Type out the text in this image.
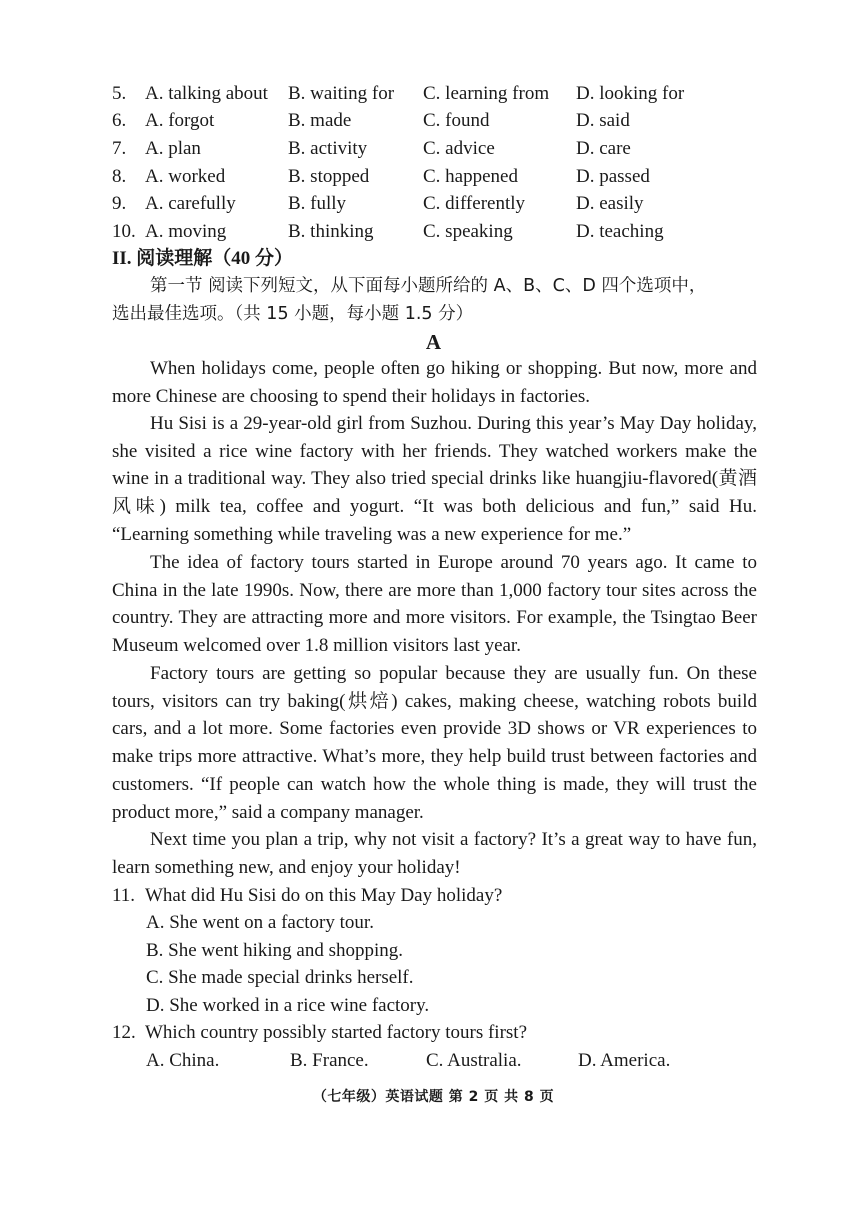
5. A. talking about B. waiting for C. learning from D. looking for
6. A. forgot	B. made	C. found	D. said
7. A. plan	B. activity	C. advice	D. care
8. A. worked	B. stopped	C. happened	D. passed
9. A. carefully	B. fully	C. differently	D. easily
10. A. moving	B. thinking	C. speaking	D. teaching
II. 阅读理解（40 分）
第一节 阅读下列短文，从下面每小题所给的 A、B、C、D 四个选项中，
选出最佳选项。（共 15 小题，每小题 1.5 分）
A
When holidays come, people often go hiking or shopping. But now, more and more Chinese are choosing to spend their holidays in factories.
Hu Sisi is a 29-year-old girl from Suzhou. During this year’s May Day holiday, she visited a rice wine factory with her friends. They watched workers make the wine in a traditional way. They also tried special drinks like huangjiu-flavored(黄酒风味) milk tea, coffee and yogurt. “It was both delicious and fun,” said Hu. “Learning something while traveling was a new experience for me.”
The idea of factory tours started in Europe around 70 years ago. It came to China in the late 1990s. Now, there are more than 1,000 factory tour sites across the country. They are attracting more and more visitors. For example, the Tsingtao Beer Museum welcomed over 1.8 million visitors last year.
Factory tours are getting so popular because they are usually fun. On these tours, visitors can try baking(烘焙) cakes, making cheese, watching robots build cars, and a lot more. Some factories even provide 3D shows or VR experiences to make trips more attractive. What’s more, they help build trust between factories and customers. “If people can watch how the whole thing is made, they will trust the product more,” said a company manager.
Next time you plan a trip, why not visit a factory? It’s a great way to have fun, learn something new, and enjoy your holiday!
11. What did Hu Sisi do on this May Day holiday?
A. She went on a factory tour.
B. She went hiking and shopping.
C. She made special drinks herself.
D. She worked in a rice wine factory.
12. Which country possibly started factory tours first?
A. China.	B. France.	C. Australia.	D. America.
（七年级）英语试题 第 2 页 共 8 页
